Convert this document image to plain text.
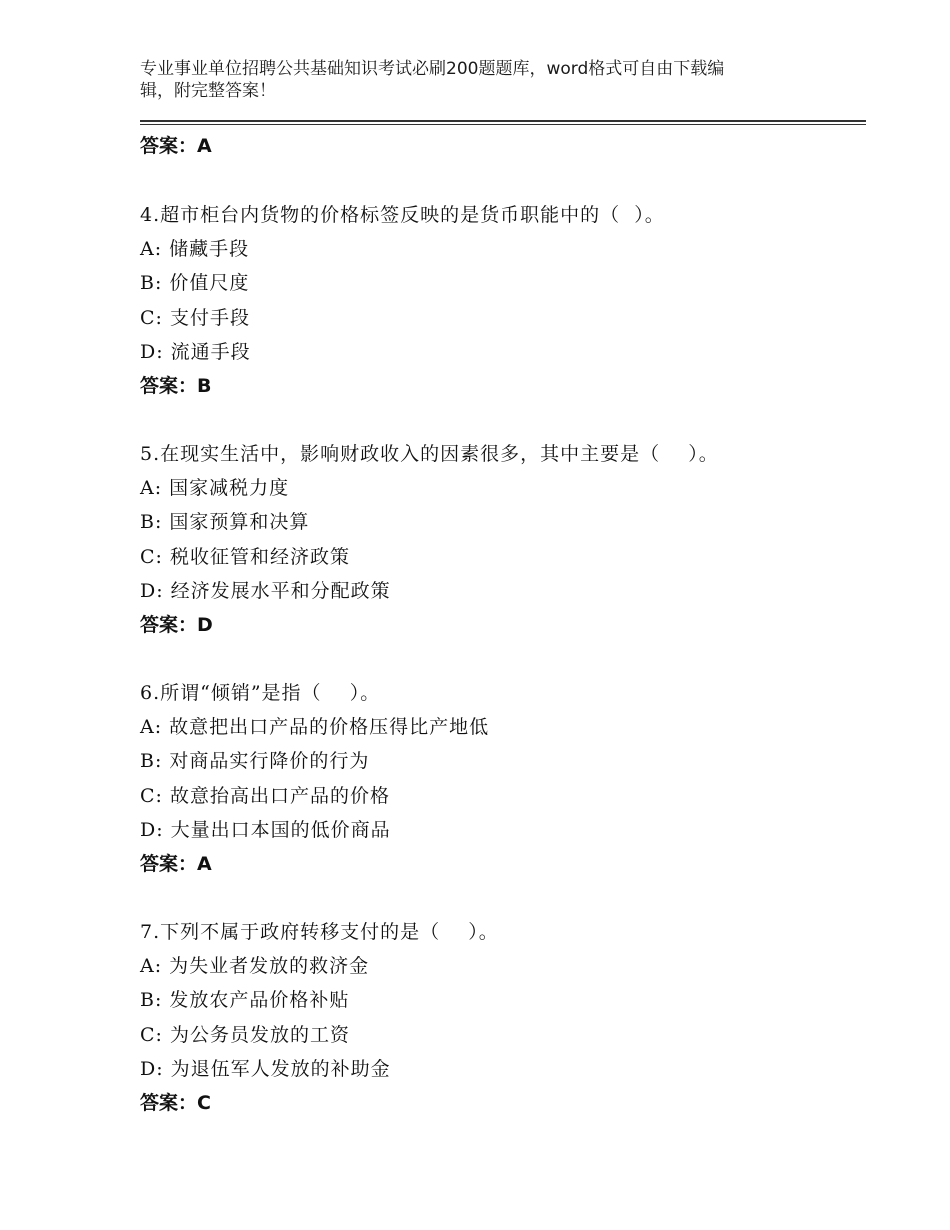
专业事业单位招聘公共基础知识考试必刷200题题库，word格式可自由下载编
辑，附完整答案！
答案：A
4.超市柜台内货物的价格标签反映的是货币职能中的（  ）。
A: 储藏手段
B: 价值尺度
C: 支付手段
D: 流通手段
答案：B
5.在现实生活中，影响财政收入的因素很多，其中主要是（    ）。
A: 国家减税力度
B: 国家预算和决算
C: 税收征管和经济政策
D: 经济发展水平和分配政策
答案：D
6.所谓“倾销”是指（    ）。
A: 故意把出口产品的价格压得比产地低
B: 对商品实行降价的行为
C: 故意抬高出口产品的价格
D: 大量出口本国的低价商品
答案：A
7.下列不属于政府转移支付的是（    ）。
A: 为失业者发放的救济金
B: 发放农产品价格补贴
C: 为公务员发放的工资
D: 为退伍军人发放的补助金
答案：C
